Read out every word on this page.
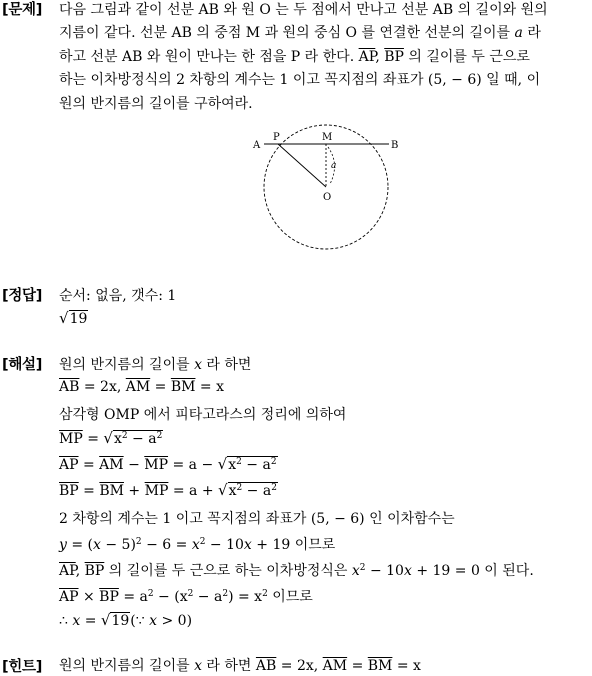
[문제] 다음 그림과 같이 선분 AB 와 원 O 는 두 점에서 만나고 선분 AB 의 길이와 원의
지름이 같다. 선분 AB 의 중점 M 과 원의 중심 O 를 연결한 선분의 길이를 a 라
하고 선분 AB 와 원이 만나는 한 점을 P 라 한다. $\overline{AP}$, $\overline{BP}$ 의 길이를 두 근으로
하는 이차방정식의 2 차항의 계수는 1 이고 꼭지점의 좌표가 (5, − 6) 일 때, 이
원의 반지름의 길이를 구하여라.
A	B
P	M
O
a
[정답] 순서: 없음, 갯수: 1
√19
[해설] 원의 반지름의 길이를 x 라 하면
$\overline{AB} = 2x$, $\overline{AM} = \overline{BM} = x$
삼각형 OMP 에서 피타고라스의 정리에 의하여
$\overline{MP} = √x^2 - a^2$
$\overline{AP} = \overline{AM} - \overline{MP} = a - √x^2 - a^2$
$\overline{BP} = \overline{BM} + \overline{MP} = a + √x^2 - a^2$
2 차항의 계수는 1 이고 꼭지점의 좌표가 (5, − 6) 인 이차함수는
$y = (x - 5)^2 - 6 = x^2 - 10x + 19$ 이므로
$\overline{AP}$, $\overline{BP}$ 의 길이를 두 근으로 하는 이차방정식은 $x^2 - 10x + 19 = 0$ 이 된다.
$\overline{AP} \times \overline{BP} = a^2 - (x^2 - a^2) = x^2$ 이므로
∴ x = √19(∵ x > 0)
[힌트] 원의 반지름의 길이를 x 라 하면 $\overline{AB} = 2x$, $\overline{AM} = \overline{BM} = x$
